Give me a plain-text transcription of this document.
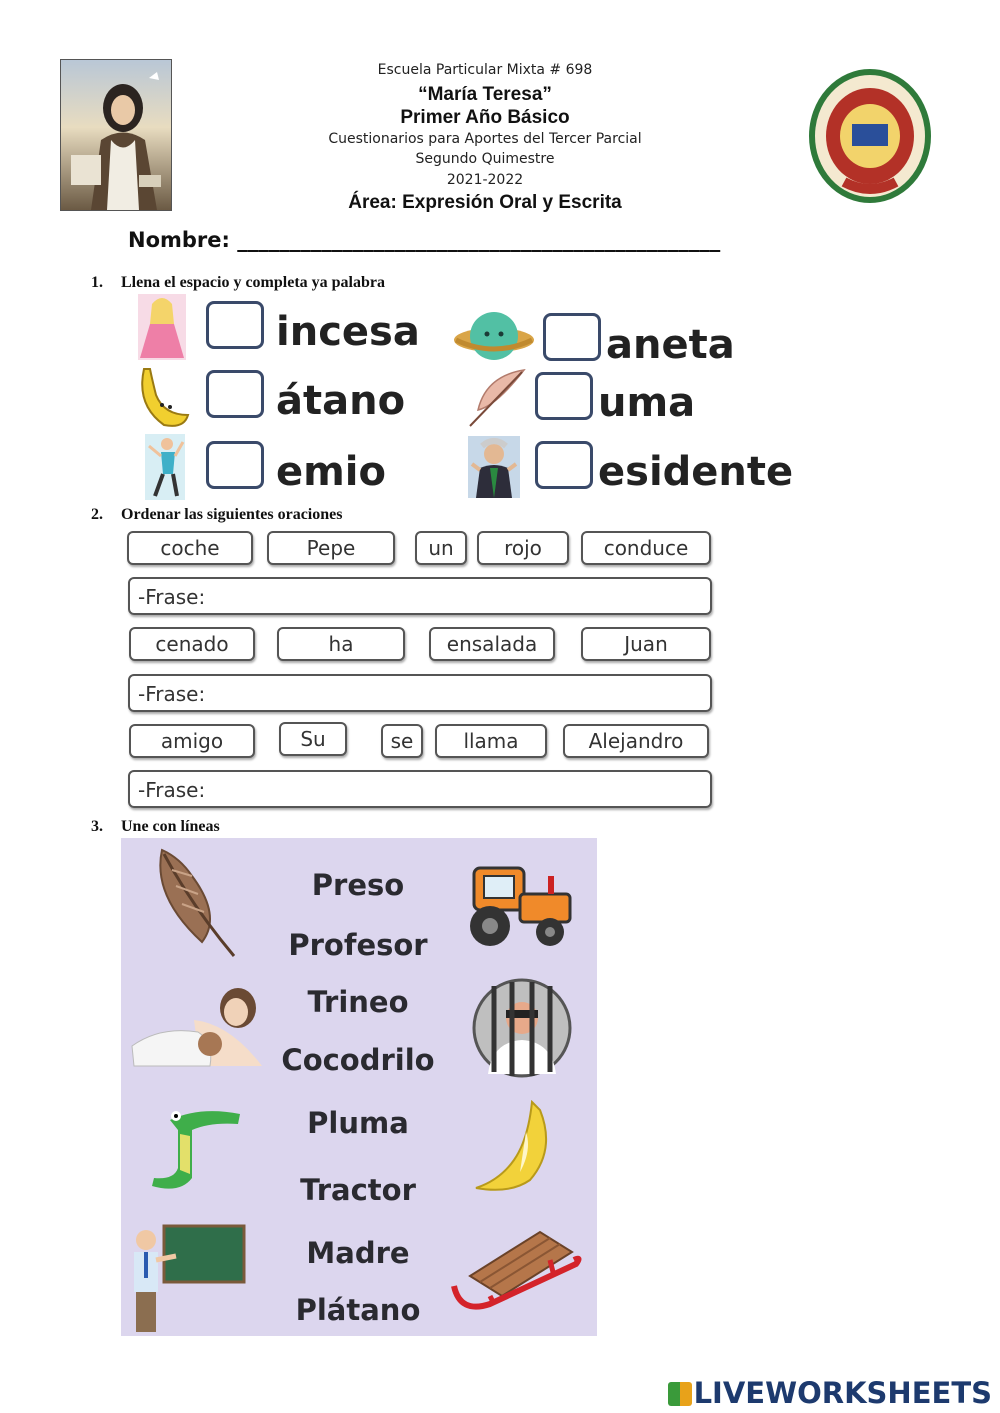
Escuela Particular Mixta # 698
“María Teresa”
Primer Año Básico
Cuestionarios para Aportes del Tercer Parcial
Segundo Quimestre
2021-2022
Área: Expresión Oral y Escrita
Nombre: ______________________________________________
1. Llena el espacio y completa ya palabra
incesa	aneta
átano	uma
emio	esidente
2. Ordenar las siguientes oraciones
coche	Pepe	un	rojo	conduce
-Frase:
cenado	ha	ensalada	Juan
-Frase:
amigo	Su	se	llama	Alejandro
-Frase:
3. Une con líneas
Preso
Profesor
Trineo
Cocodrilo
Pluma
Tractor
Madre
Plátano
LIVEWORKSHEETS
